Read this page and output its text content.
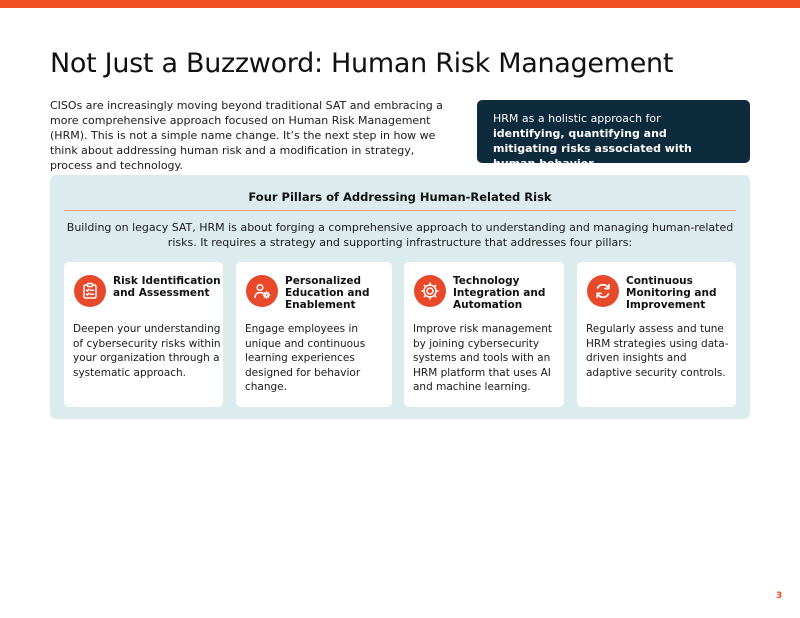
Not Just a Buzzword: Human Risk Management

CISOs are increasingly moving beyond traditional SAT and embracing a more comprehensive approach focused on Human Risk Management (HRM). This is not a simple name change. It’s the next step in how we think about addressing human risk and a modification in strategy, process and technology.

HRM as a holistic approach for identifying, quantifying and mitigating risks associated with human behavior.
Four Pillars of Addressing Human-Related Risk

Building on legacy SAT, HRM is about forging a comprehensive approach to understanding and managing human-related risks. It requires a strategy and supporting infrastructure that addresses four pillars:

Risk Identification and Assessment
Deepen your understanding of cybersecurity risks within your organization through a systematic approach.
Personalized Education and Enablement
Engage employees in unique and continuous learning experiences designed for behavior change.
Technology Integration and Automation
Improve risk management by joining cybersecurity systems and tools with an HRM platform that uses AI and machine learning.
Continuous Monitoring and Improvement
Regularly assess and tune HRM strategies using data-driven insights and adaptive security controls.
3
